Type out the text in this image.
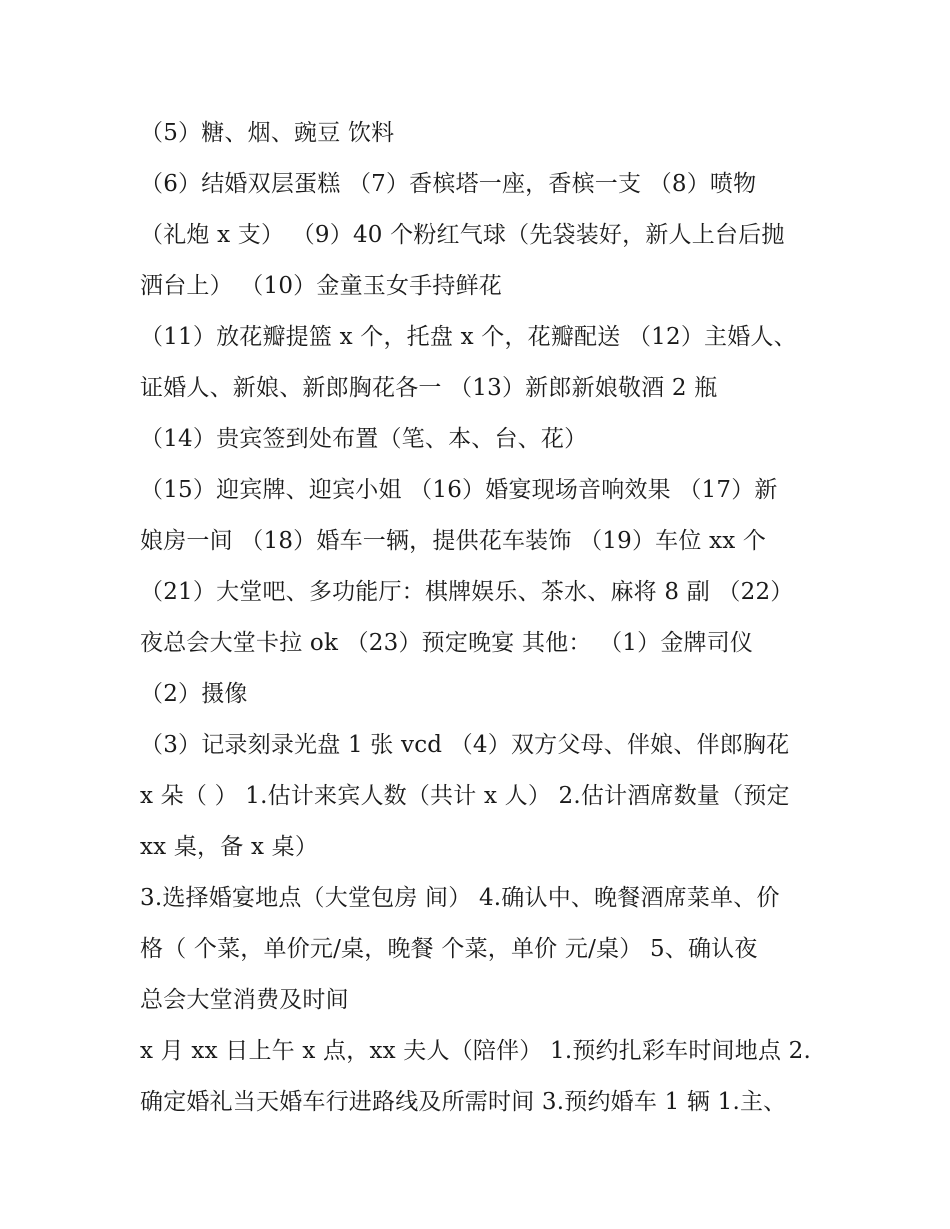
（5）糖、烟、豌豆 饮料
（6）结婚双层蛋糕 （7）香槟塔一座，香槟一支 （8）喷物
（礼炮 x 支） （9）40 个粉红气球（先袋装好，新人上台后抛
洒台上） （10）金童玉女手持鲜花
（11）放花瓣提篮 x 个，托盘 x 个，花瓣配送 （12）主婚人、
证婚人、新娘、新郎胸花各一 （13）新郎新娘敬酒 2 瓶
（14）贵宾签到处布置（笔、本、台、花）
（15）迎宾牌、迎宾小姐 （16）婚宴现场音响效果 （17）新
娘房一间 （18）婚车一辆，提供花车装饰 （19）车位 xx 个
（21）大堂吧、多功能厅：棋牌娱乐、茶水、麻将 8 副 （22）
夜总会大堂卡拉 ok （23）预定晚宴 其他： （1）金牌司仪
（2）摄像
（3）记录刻录光盘 1 张 vcd （4）双方父母、伴娘、伴郎胸花
x 朵（ ） 1.估计来宾人数（共计 x 人） 2.估计酒席数量（预定
xx 桌，备 x 桌）
3.选择婚宴地点（大堂包房 间） 4.确认中、晚餐酒席菜单、价
格（ 个菜，单价元/桌，晚餐 个菜，单价 元/桌） 5、确认夜
总会大堂消费及时间
x 月 xx 日上午 x 点，xx 夫人（陪伴） 1.预约扎彩车时间地点 2.
确定婚礼当天婚车行进路线及所需时间 3.预约婚车 1 辆 1.主、
